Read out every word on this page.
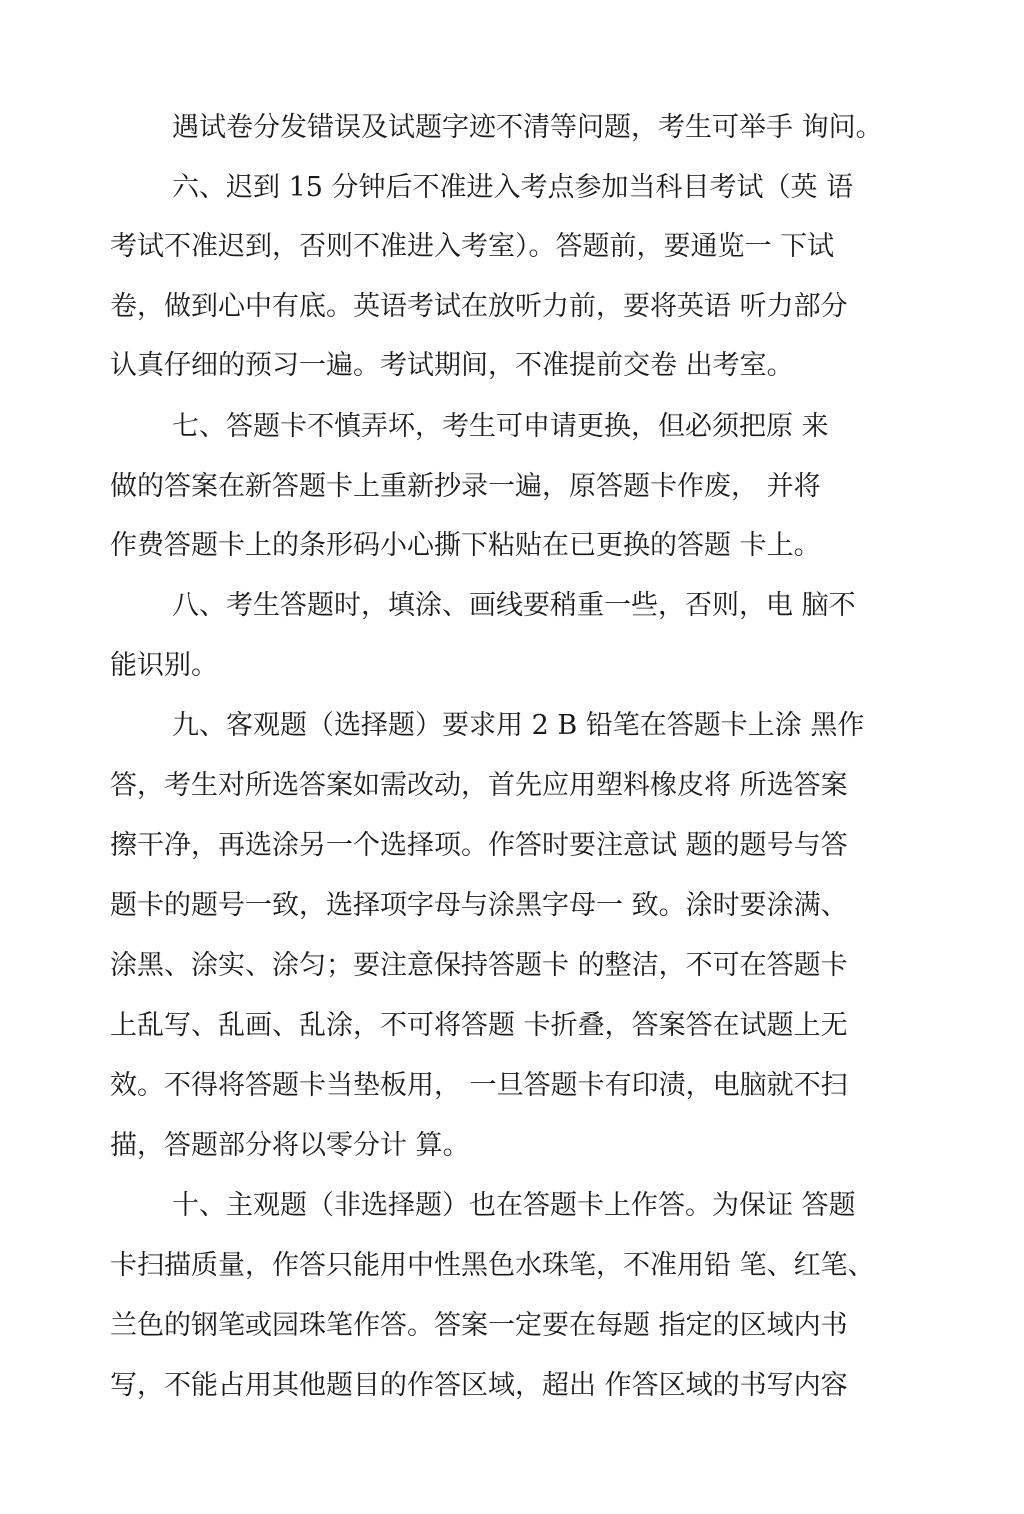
遇试卷分发错误及试题字迹不清等问题，考生可举手 询问。
六、迟到 15 分钟后不准进入考点参加当科目考试（英 语
考试不准迟到，否则不准进入考室）。答题前，要通览一 下试
卷，做到心中有底。英语考试在放听力前，要将英语 听力部分
认真仔细的预习一遍。考试期间，不准提前交卷 出考室。
七、答题卡不慎弄坏，考生可申请更换，但必须把原 来
做的答案在新答题卡上重新抄录一遍，原答题卡作废， 并将
作费答题卡上的条形码小心撕下粘贴在已更换的答题 卡上。
八、考生答题时，填涂、画线要稍重一些，否则，电 脑不
能识别。
九、客观题（选择题）要求用 2 B 铅笔在答题卡上涂 黑作
答，考生对所选答案如需改动，首先应用塑料橡皮将 所选答案
擦干净，再选涂另一个选择项。作答时要注意试 题的题号与答
题卡的题号一致，选择项字母与涂黑字母一 致。涂时要涂满、
涂黑、涂实、涂匀；要注意保持答题卡 的整洁，不可在答题卡
上乱写、乱画、乱涂，不可将答题 卡折叠，答案答在试题上无
效。不得将答题卡当垫板用， 一旦答题卡有印渍，电脑就不扫
描，答题部分将以零分计 算。
十、主观题（非选择题）也在答题卡上作答。为保证 答题
卡扫描质量，作答只能用中性黑色水珠笔，不准用铅 笔、红笔、
兰色的钢笔或园珠笔作答。答案一定要在每题 指定的区域内书
写，不能占用其他题目的作答区域，超出 作答区域的书写内容
